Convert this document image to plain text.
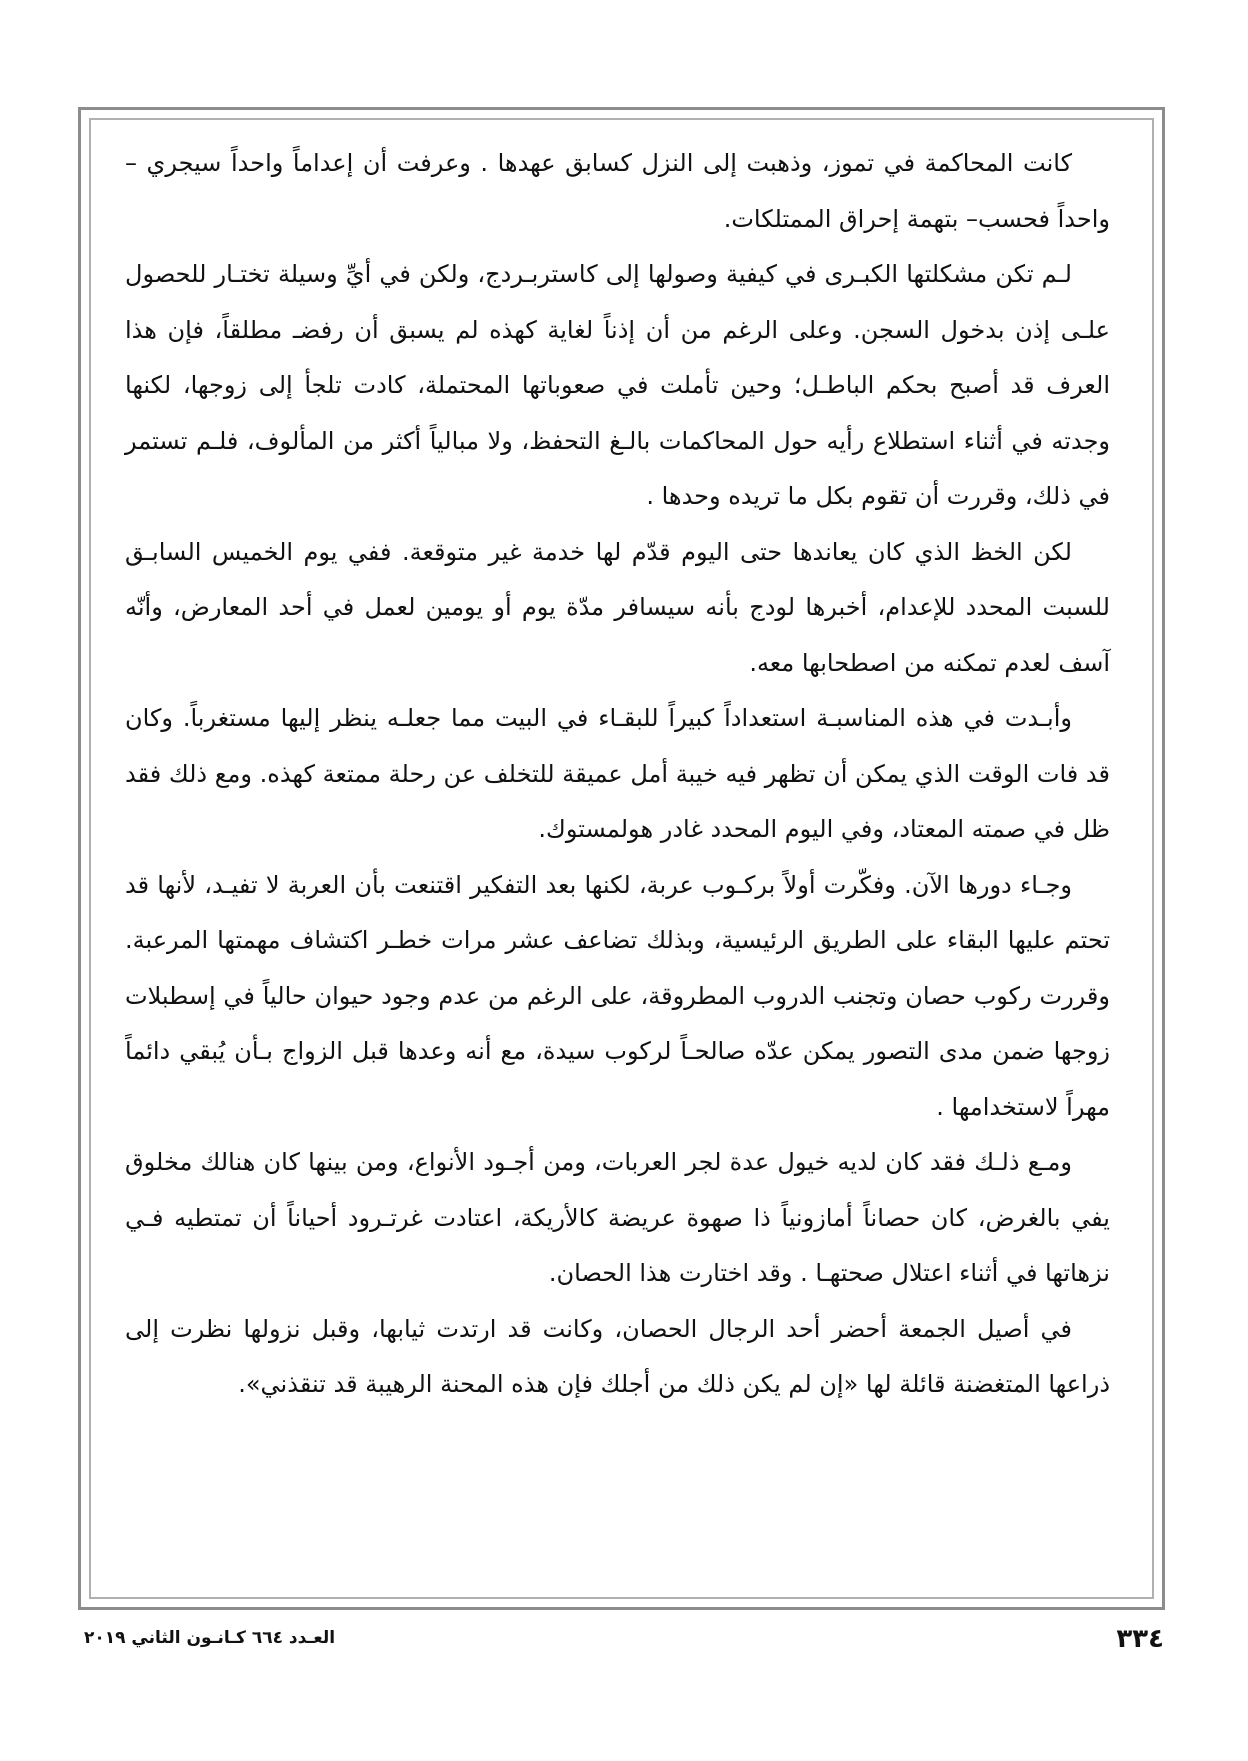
كانت المحاكمة في تموز، وذهبت إلى النزل كسابق عهدها . وعرفت أن إعداماً واحداً سيجري –واحداً فحسب– بتهمة إحراق الممتلكات.

لـم تكن مشكلتها الكبـرى في كيفية وصولها إلى كاستربـردج، ولكن في أيِّ وسيلة تختـار للحصول علـى إذن بدخول السجن. وعلى الرغم من أن إذناً لغاية كهذه لم يسبق أن رفضـ مطلقاً، فإن هذا العرف قد أصبح بحكم الباطـل؛ وحين تأملت في صعوباتها المحتملة، كادت تلجأ إلى زوجها، لكنها وجدته في أثناء استطلاع رأيه حول المحاكمات بالـغ التحفظ، ولا مبالياً أكثر من المألوف، فلـم تستمر في ذلك، وقررت أن تقوم بكل ما تريده وحدها .

لكن الخظ الذي كان يعاندها حتى اليوم قدّم لها خدمة غير متوقعة. ففي يوم الخميس السابـق للسبت المحدد للإعدام، أخبرها لودج بأنه سيسافر مدّة يوم أو يومين لعمل في أحد المعارض، وأنّه آسف لعدم تمكنه من اصطحابها معه.

وأبـدت في هذه المناسبـة استعداداً كبيراً للبقـاء في البيت مما جعلـه ينظر إليها مستغرباً. وكان قد فات الوقت الذي يمكن أن تظهر فيه خيبة أمل عميقة للتخلف عن رحلة ممتعة كهذه. ومع ذلك فقد ظل في صمته المعتاد، وفي اليوم المحدد غادر هولمستوك.

وجـاء دورها الآن. وفكّرت أولاً بركـوب عربة، لكنها بعد التفكير اقتنعت بأن العربة لا تفيـد، لأنها قد تحتم عليها البقاء على الطريق الرئيسية، وبذلك تضاعف عشر مرات خطـر اكتشاف مهمتها المرعبة. وقررت ركوب حصان وتجنب الدروب المطروقة، على الرغم من عدم وجود حيوان حالياً في إسطبلات زوجها ضمن مدى التصور يمكن عدّه صالحـاً لركوب سيدة، مع أنه وعدها قبل الزواج بـأن يُبقي دائماً مهراً لاستخدامها .

ومـع ذلـك فقد كان لديه خيول عدة لجر العربات، ومن أجـود الأنواع، ومن بينها كان هنالك مخلوق يفي بالغرض، كان حصاناً أمازونياً ذا صهوة عريضة كالأريكة، اعتادت غرتـرود أحياناً أن تمتطيه فـي نزهاتها في أثناء اعتلال صحتهـا . وقد اختارت هذا الحصان.

في أصيل الجمعة أحضر أحد الرجال الحصان، وكانت قد ارتدت ثيابها، وقبل نزولها نظرت إلى ذراعها المتغضنة قائلة لها «إن لم يكن ذلك من أجلك فإن هذه المحنة الرهيبة قد تنقذني».

٣٣٤
العـدد ٦٦٤ كـانـون الثاني ٢٠١٩
